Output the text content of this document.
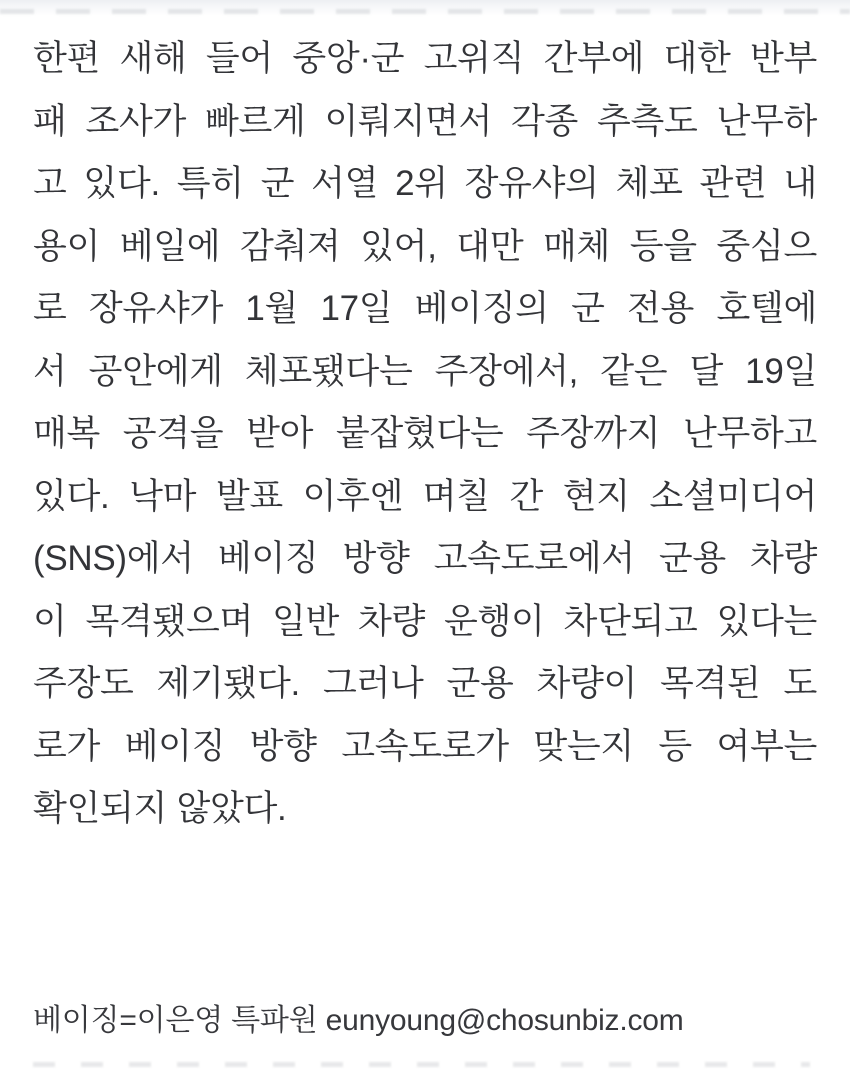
한편 새해 들어 중앙·군 고위직 간부에 대한 반부
패 조사가 빠르게 이뤄지면서 각종 추측도 난무하
고 있다. 특히 군 서열 2위 장유샤의 체포 관련 내
용이 베일에 감춰져 있어, 대만 매체 등을 중심으
로 장유샤가 1월 17일 베이징의 군 전용 호텔에
서 공안에게 체포됐다는 주장에서, 같은 달 19일
매복 공격을 받아 붙잡혔다는 주장까지 난무하고
있다. 낙마 발표 이후엔 며칠 간 현지 소셜미디어
(SNS)에서 베이징 방향 고속도로에서 군용 차량
이 목격됐으며 일반 차량 운행이 차단되고 있다는
주장도 제기됐다. 그러나 군용 차량이 목격된 도
로가 베이징 방향 고속도로가 맞는지 등 여부는
확인되지 않았다.
베이징=이은영 특파원 eunyoung@chosunbiz.com
